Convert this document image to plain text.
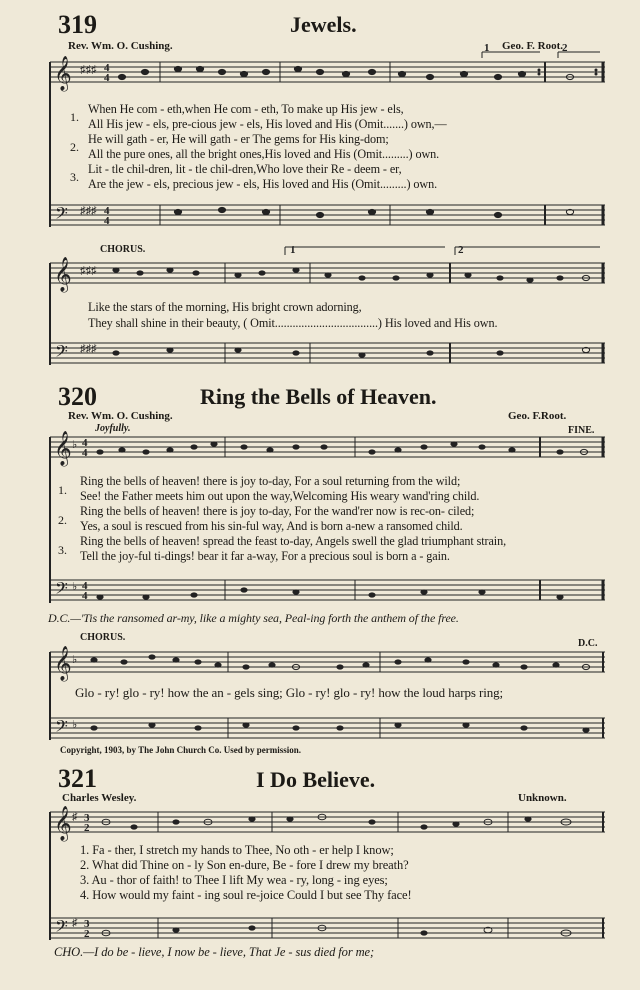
319	Jewels.
Rev. Wm. O. Cushing.	Geo. F. Root.
𝄞
𝄢
♯♯♯
♯♯♯
4
4
4
4
1	2
1.
2.
3.
When He com - eth,when He com - eth, To make up His jew - els,
All His jew - els, pre-cious jew - els, His loved and His (Omit.......) own,—
He will gath - er, He will gath - er The gems for His king-dom;
All the pure ones, all the bright ones,His loved and His (Omit.........) own.
Lit - tle chil-dren, lit - tle chil-dren,Who love their Re - deem - er,
Are the jew - els, precious jew - els, His loved and His (Omit.........) own.
CHORUS.
𝄞
𝄢
♯♯♯
♯♯♯
1	2
Like the stars of the morning, His bright crown adorning,
They shall shine in their beauty, ( Omit...................................) His loved and His own.
320	Ring the Bells of Heaven.
Rev. Wm. O. Cushing.	Geo. F.Root.
Joyfully.	FINE.
𝄞
𝄢
♭
♭
4
4
4
4
1.
2.
3.
Ring the bells of heaven! there is joy to-day, For a soul returning from the wild;
See! the Father meets him out upon the way,Welcoming His weary wand'ring child.
Ring the bells of heaven! there is joy to-day, For the wand'rer now is rec-on- ciled;
Yes, a soul is rescued from his sin-ful way, And is born a-new a ransomed child.
Ring the bells of heaven! spread the feast to-day, Angels swell the glad triumphant strain,
Tell the joy-ful ti-dings! bear it far a-way, For a precious soul is born a - gain.
D.C.—'Tis the ransomed ar-my, like a mighty sea, Peal-ing forth the anthem of the free.
CHORUS.
D.C.
𝄞
𝄢
♭
♭
Glo - ry! glo - ry! how the an - gels sing; Glo - ry! glo - ry! how the loud harps ring;
Copyright, 1903, by The John Church Co. Used by permission.
321	I Do Believe.
Charles Wesley.	Unknown.
𝄞
𝄢
♯
♯
3
2
3
2
1. Fa - ther, I stretch my hands to Thee, No oth - er help I know;
2. What did Thine on - ly Son en-dure, Be - fore I drew my breath?
3. Au - thor of faith! to Thee I lift My wea - ry, long - ing eyes;
4. How would my faint - ing soul re-joice Could I but see Thy face!
CHO.—I do be - lieve, I now be - lieve, That Je - sus died for me;
